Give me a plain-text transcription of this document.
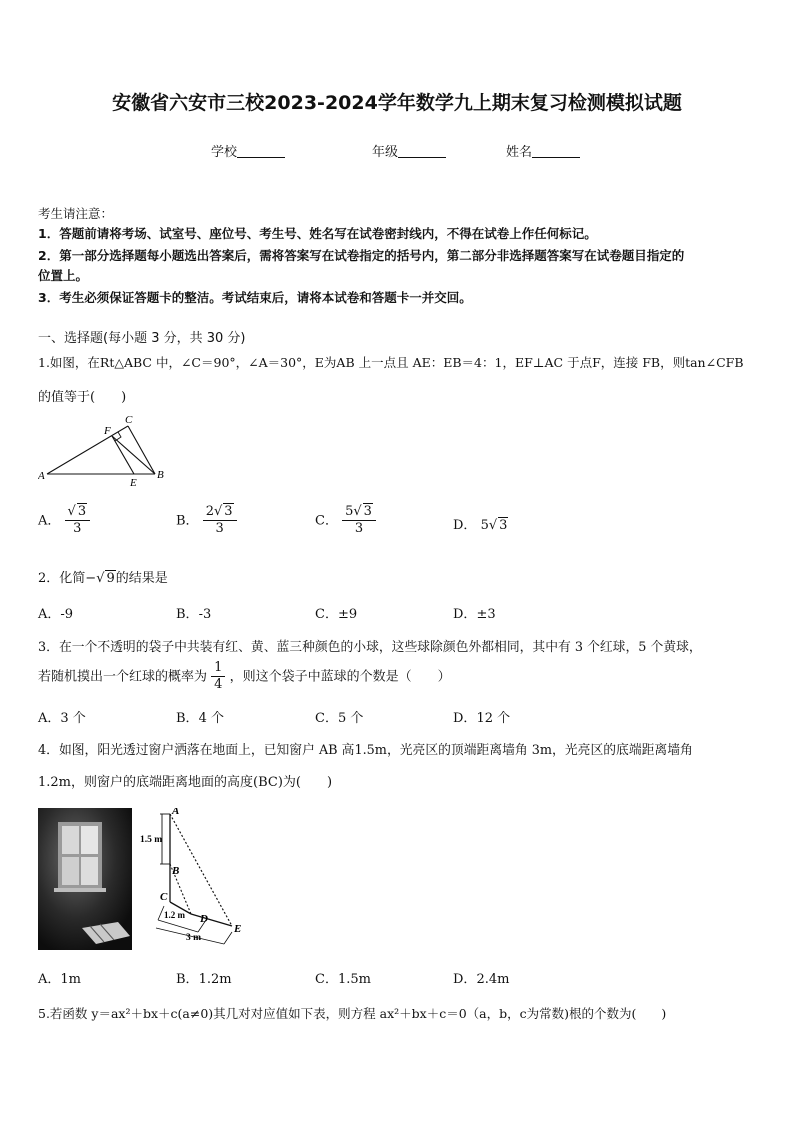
安徽省六安市三校2023-2024学年数学九上期末复习检测模拟试题
学校	年级	姓名
考生请注意：
1．答题前请将考场、试室号、座位号、考生号、姓名写在试卷密封线内，不得在试卷上作任何标记。
2．第一部分选择题每小题选出答案后，需将答案写在试卷指定的括号内，第二部分非选择题答案写在试卷题目指定的
位置上。
3．考生必须保证答题卡的整洁。考试结束后，请将本试卷和答题卡一并交回。
一、选择题(每小题 3 分，共 30 分)
1.如图，在Rt△ABC 中，∠C＝90°，∠A＝30°，E为AB 上一点且 AE：EB＝4：1，EF⊥AC 于点F，连接 FB，则tan∠CFB
的值等于(　　)
A	B
C
E
F
A． $\frac{√ 3}{3}$	B． $\frac{2√ 3}{3}$	C． $\frac{5√ 3}{3}$	D． 5√ 3
2．化简−√ 9的结果是
A．-9	B．-3	C．±9	D．±3
3．在一个不透明的袋子中共装有红、黄、蓝三种颜色的小球，这些球除颜色外都相同，其中有 3 个红球，5 个黄球，
若随机摸出一个红球的概率为 $\frac{1}{4}$ ，则这个袋子中蓝球的个数是（　　）
A．3 个	B．4 个	C．5 个	D．12 个
4．如图，阳光透过窗户洒落在地面上，已知窗户 AB 高1.5m，光亮区的顶端距离墙角 3m，光亮区的底端距离墙角
1.2m，则窗户的底端距离地面的高度(BC)为(　　)
A
B
C
D
E
1.5 m
1.2 m
3 m
A．1m	B．1.2m	C．1.5m	D．2.4m
5.若函数 y＝ax²＋bx＋c(a≠0)其几对对应值如下表，则方程 ax²＋bx＋c＝0（a，b，c为常数)根的个数为(　　)
